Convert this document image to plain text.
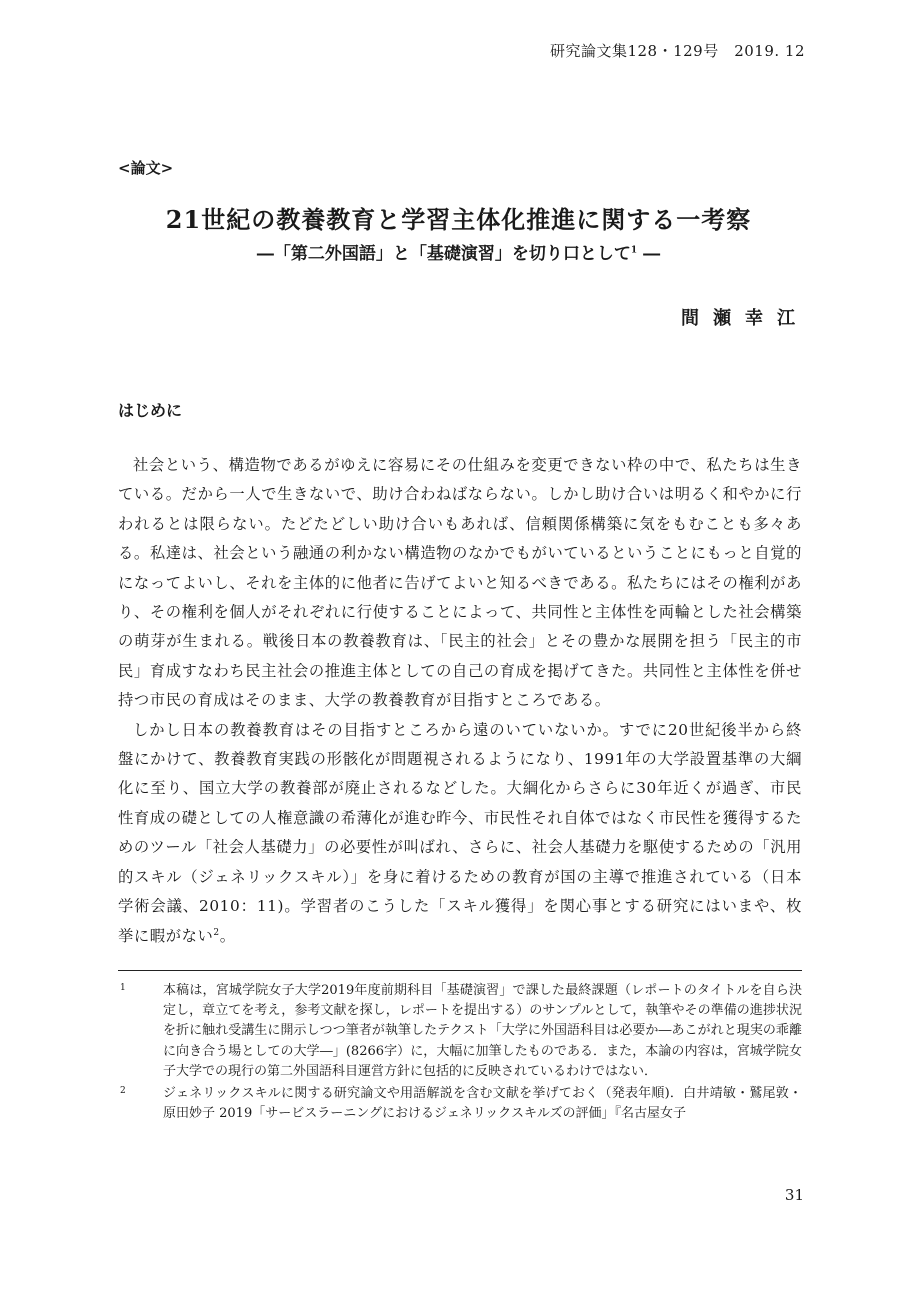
研究論文集128・129号　2019. 12
<論文>
21世紀の教養教育と学習主体化推進に関する一考察
―「第二外国語」と「基礎演習」を切り口として$^1$ ―
間瀬幸江
はじめに

社会という、構造物であるがゆえに容易にその仕組みを変更できない枠の中で、私たちは生きている。だから一人で生きないで、助け合わねばならない。しかし助け合いは明るく和やかに行われるとは限らない。たどたどしい助け合いもあれば、信頼関係構築に気をもむことも多々ある。私達は、社会という融通の利かない構造物のなかでもがいているということにもっと自覚的になってよいし、それを主体的に他者に告げてよいと知るべきである。私たちにはその権利があり、その権利を個人がそれぞれに行使することによって、共同性と主体性を両輪とした社会構築の萌芽が生まれる。戦後日本の教養教育は、「民主的社会」とその豊かな展開を担う「民主的市民」育成すなわち民主社会の推進主体としての自己の育成を掲げてきた。共同性と主体性を併せ持つ市民の育成はそのまま、大学の教養教育が目指すところである。

しかし日本の教養教育はその目指すところから遠のいていないか。すでに20世紀後半から終盤にかけて、教養教育実践の形骸化が問題視されるようになり、1991年の大学設置基準の大綱化に至り、国立大学の教養部が廃止されるなどした。大綱化からさらに30年近くが過ぎ、市民性育成の礎としての人権意識の希薄化が進む昨今、市民性それ自体ではなく市民性を獲得するためのツール「社会人基礎力」の必要性が叫ばれ、さらに、社会人基礎力を駆使するための「汎用的スキル（ジェネリックスキル）」を身に着けるための教育が国の主導で推進されている（日本学術会議、2010：11)。学習者のこうした「スキル獲得」を関心事とする研究にはいまや、枚挙に暇がない$^2$。

1	本稿は，宮城学院女子大学2019年度前期科目「基礎演習」で課した最終課題（レポートのタイトルを自ら決定し，章立てを考え，参考文献を探し，レポートを提出する）のサンプルとして，執筆やその準備の進捗状況を折に触れ受講生に開示しつつ筆者が執筆したテクスト「大学に外国語科目は必要か―あこがれと現実の乖離に向き合う場としての大学―」(8266字）に，大幅に加筆したものである．また，本論の内容は，宮城学院女子大学での現行の第二外国語科目運営方針に包括的に反映されているわけではない．
2	ジェネリックスキルに関する研究論文や用語解説を含む文献を挙げておく（発表年順)．白井靖敏・鷲尾敦・原田妙子 2019「サービスラーニングにおけるジェネリックスキルズの評価」『名古屋女子
31
